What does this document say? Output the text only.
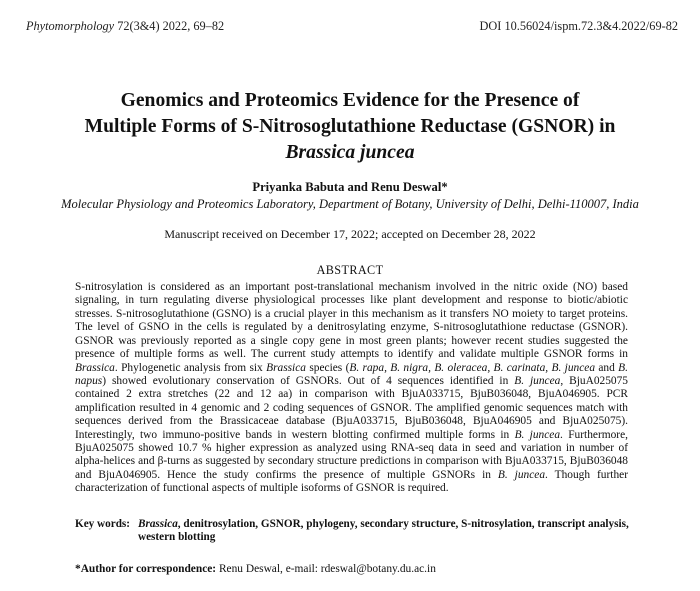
Phytomorphology 72(3&4) 2022, 69–82	DOI 10.56024/ispm.72.3&4.2022/69-82
Genomics and Proteomics Evidence for the Presence of
Multiple Forms of S-Nitrosoglutathione Reductase (GSNOR) in
Brassica juncea
Priyanka Babuta and Renu Deswal*
Molecular Physiology and Proteomics Laboratory, Department of Botany, University of Delhi, Delhi-110007, India
Manuscript received on December 17, 2022; accepted on December 28, 2022
ABSTRACT

S-nitrosylation is considered as an important post-translational mechanism involved in the nitric oxide (NO) based signaling, in turn regulating diverse physiological processes like plant development and response to biotic/abiotic stresses. S-nitrosoglutathione (GSNO) is a crucial player in this mechanism as it transfers NO moiety to target proteins. The level of GSNO in the cells is regulated by a denitrosylating enzyme, S-nitrosoglutathione reductase (GSNOR). GSNOR was previously reported as a single copy gene in most green plants; however recent studies suggested the presence of multiple forms as well. The current study attempts to identify and validate multiple GSNOR forms in Brassica. Phylogenetic analysis from six Brassica species (B. rapa, B. nigra, B. oleracea, B. carinata, B. juncea and B. napus) showed evolutionary conservation of GSNORs. Out of 4 sequences identified in B. juncea, BjuA025075 contained 2 extra stretches (22 and 12 aa) in comparison with BjuA033715, BjuB036048, BjuA046905. PCR amplification resulted in 4 genomic and 2 coding sequences of GSNOR. The amplified genomic sequences match with sequences derived from the Brassicaceae database (BjuA033715, BjuB036048, BjuA046905 and BjuA025075). Interestingly, two immuno-positive bands in western blotting confirmed multiple forms in B. juncea. Furthermore, BjuA025075 showed 10.7 % higher expression as analyzed using RNA-seq data in seed and variation in number of alpha-helices and β-turns as suggested by secondary structure predictions in comparison with BjuA033715, BjuB036048 and BjuA046905. Hence the study confirms the presence of multiple GSNORs in B. juncea. Though further characterization of functional aspects of multiple isoforms of GSNOR is required.

Key words: Brassica, denitrosylation, GSNOR, phylogeny, secondary structure, S-nitrosylation, transcript analysis, western blotting
*Author for correspondence: Renu Deswal, e-mail: rdeswal@botany.du.ac.in
